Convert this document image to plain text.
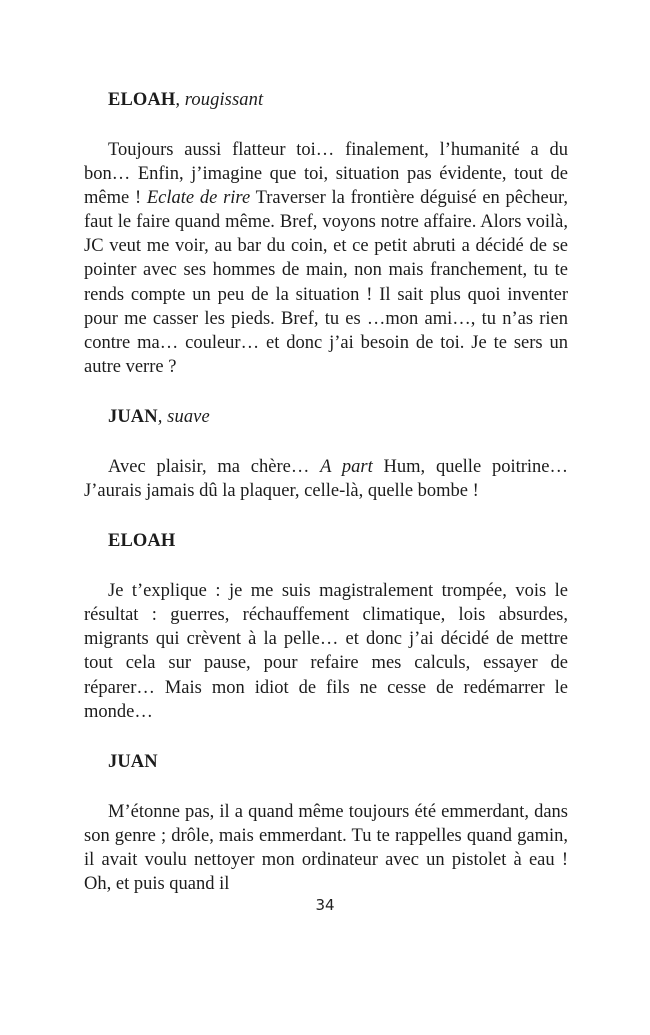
ELOAH, rougissant

Toujours aussi flatteur toi… finalement, l’humanité a du bon… Enfin, j’imagine que toi, situation pas évidente, tout de même ! Eclate de rire Traverser la frontière déguisé en pêcheur, faut le faire quand même. Bref, voyons notre affaire. Alors voilà, JC veut me voir, au bar du coin, et ce petit abruti a décidé de se pointer avec ses hommes de main, non mais franchement, tu te rends compte un peu de la situation ! Il sait plus quoi inventer pour me casser les pieds. Bref, tu es …mon ami…, tu n’as rien contre ma… couleur… et donc j’ai besoin de toi. Je te sers un autre verre ?

JUAN, suave

Avec plaisir, ma chère… A part Hum, quelle poitrine… J’aurais jamais dû la plaquer, celle-là, quelle bombe !

ELOAH

Je t’explique : je me suis magistralement trompée, vois le résultat : guerres, réchauffement climatique, lois absurdes, migrants qui crèvent à la pelle… et donc j’ai décidé de mettre tout cela sur pause, pour refaire mes calculs, essayer de réparer… Mais mon idiot de fils ne cesse de redémarrer le monde…

JUAN

M’étonne pas, il a quand même toujours été emmerdant, dans son genre ; drôle, mais emmerdant. Tu te rappelles quand gamin, il avait voulu nettoyer mon ordinateur avec un pistolet à eau ! Oh, et puis quand il

34
